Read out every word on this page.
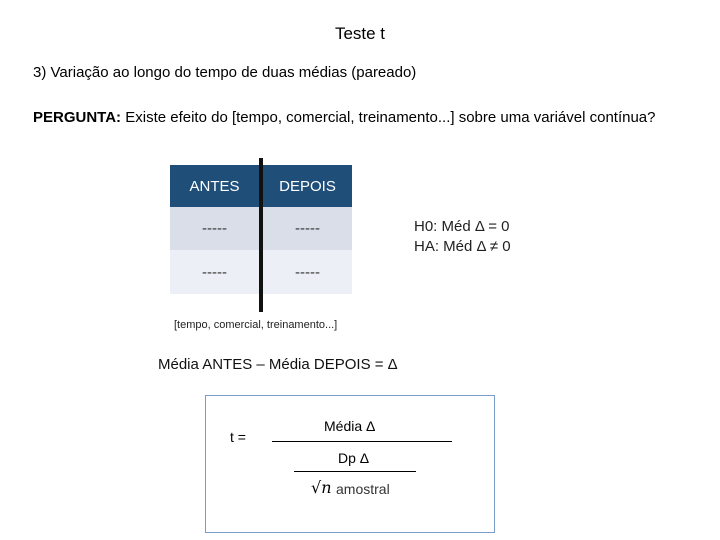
Teste t
3) Variação ao longo do tempo de duas médias (pareado)
PERGUNTA: Existe efeito do [tempo, comercial, treinamento...] sobre uma variável contínua?
ANTES	DEPOIS
-----	-----
-----	-----
H0: Méd Δ = 0
HA: Méd Δ ≠ 0
[tempo, comercial, treinamento...]
Média ANTES – Média DEPOIS = Δ
t =
Média Δ
Dp Δ
√n amostral
